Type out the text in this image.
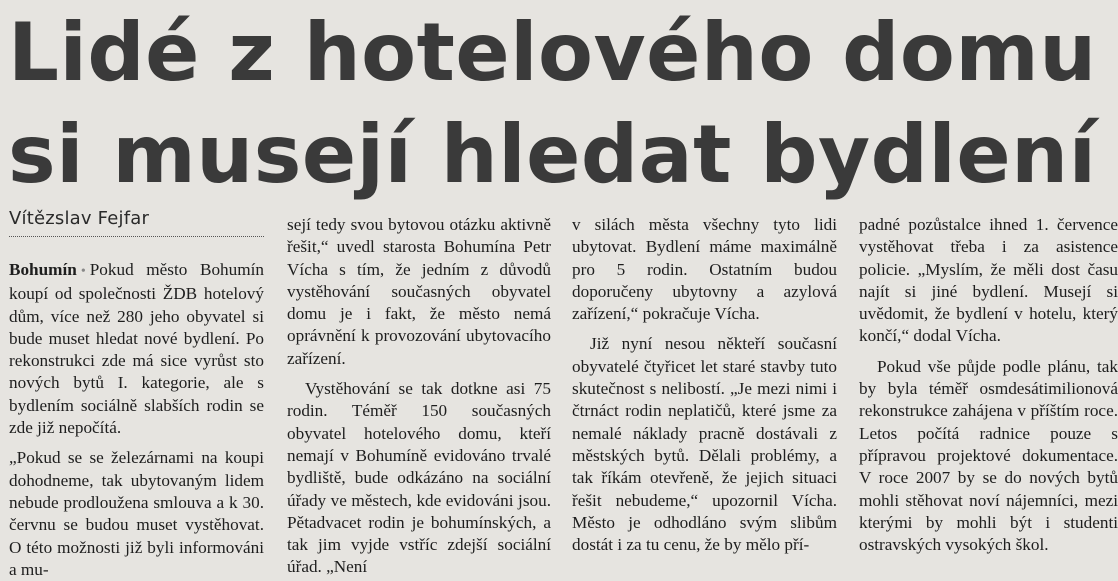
Lidé z hotelového domu
si musejí hledat bydlení
Vítězslav Fejfar

Bohumín • Pokud město Bohumín koupí od společnosti ŽDB hotelový dům, více než 280 jeho obyvatel si bude muset hledat nové bydlení. Po rekonstrukci zde má sice vyrůst sto nových bytů I. kategorie, ale s bydlením sociálně slabších rodin se zde již nepočítá.

„Pokud se se železárnami na koupi dohodneme, tak ubytovaným lidem nebude prodloužena smlouva a k 30. červnu se budou muset vystěhovat. O této možnosti již byli informováni a mu-

sejí tedy svou bytovou otázku aktivně řešit,“ uvedl starosta Bohumína Petr Vícha s tím, že jedním z důvodů vystěhování současných obyvatel domu je i fakt, že město nemá oprávnění k provozování ubytovacího zařízení.

Vystěhování se tak dotkne asi 75 rodin. Téměř 150 současných obyvatel hotelového domu, kteří nemají v Bohumíně evidováno trvalé bydliště, bude odkázáno na sociální úřady ve městech, kde evidováni jsou. Pětadvacet rodin je bohumínských, a tak jim vyjde vstříc zdejší sociální úřad. „Není

v silách města všechny tyto lidi ubytovat. Bydlení máme maximálně pro 5 rodin. Ostatním budou doporučeny ubytovny a azylová zařízení,“ pokračuje Vícha.

Již nyní nesou někteří současní obyvatelé čtyřicet let staré stavby tuto skutečnost s nelibostí. „Je mezi nimi i čtrnáct rodin neplatičů, které jsme za nemalé náklady pracně dostávali z městských bytů. Dělali problémy, a tak říkám otevřeně, že jejich situaci řešit nebudeme,“ upozornil Vícha. Město je odhodláno svým slibům dostát i za tu cenu, že by mělo pří-

padné pozůstalce ihned 1. července vystěhovat třeba i za asistence policie. „Myslím, že měli dost času najít si jiné bydlení. Musejí si uvědomit, že bydlení v hotelu, který končí,“ dodal Vícha.

Pokud vše půjde podle plánu, tak by byla téměř osmdesátimilionová rekonstrukce zahájena v příštím roce. Letos počítá radnice pouze s přípravou projektové dokumentace. V roce 2007 by se do nových bytů mohli stěhovat noví nájemníci, mezi kterými by mohli být i studenti ostravských vysokých škol.
